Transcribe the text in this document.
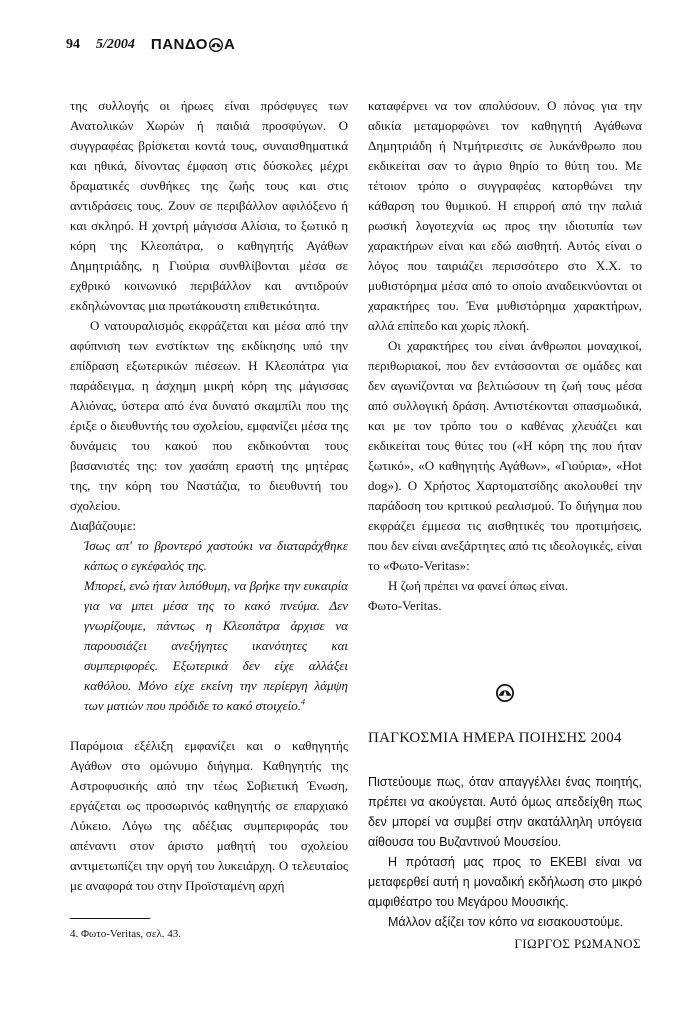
94 5/2004 ΠΑΝΔΟ Α

της συλλογής οι ήρωες είναι πρόσφυγες των Ανατολικών Χωρών ή παιδιά προσφύγων. Ο συγγραφέας βρίσκεται κοντά τους, συναισθηματικά και ηθικά, δίνοντας έμφαση στις δύσκολες μέχρι δραματικές συνθήκες της ζωής τους και στις αντιδράσεις τους. Ζουν σε περιβάλλον αφιλόξενο ή και σκληρό. Η χοντρή μάγισσα Αλίσια, το ξωτικό η κόρη της Κλεοπάτρα, ο καθηγητής Αγάθων Δημητριάδης, η Γιούρια συνθλίβονται μέσα σε εχθρικό κοινωνικό περιβάλλον και αντιδρούν εκδηλώνοντας μια πρωτάκουστη επιθετικότητα.

Ο νατουραλισμός εκφράζεται και μέσα από την αφύπνιση των ενστίκτων της εκδίκησης υπό την επίδραση εξωτερικών πιέσεων. Η Κλεοπάτρα για παράδειγμα, η άσχημη μικρή κόρη της μάγισσας Αλιόνας, ύστερα από ένα δυνατό σκαμπίλι που της έριξε ο διευθυντής του σχολείου, εμφανίζει μέσα της δυνάμεις του κακού που εκδικούνται τους βασανιστές της: τον χασάπη εραστή της μητέρας της, την κόρη του Ναστάζια, το διευθυντή του σχολείου.

Διαβάζουμε:

Ίσως απ' το βροντερό χαστούκι να διαταράχθηκε κάπως ο εγκέφαλός της.
Μπορεί, ενώ ήταν λιπόθυμη, να βρήκε την ευκαιρία για να μπει μέσα της το κακό πνεύμα. Δεν γνωρίζουμε, πάντως η Κλεοπάτρα άρχισε να παρουσιάζει ανεξήγητες ικανότητες και συμπεριφορές. Εξωτερικά δεν είχε αλλάξει καθόλου. Μόνο είχε εκείνη την περίεργη λάμψη των ματιών που πρόδιδε το κακό στοιχείο.$^4$

Παρόμοια εξέλιξη εμφανίζει και ο καθηγητής Αγάθων στο ομώνυμο διήγημα. Καθηγητής της Αστροφυσικής από την τέως Σοβιετική Ένωση, εργάζεται ως προσωρινός καθηγητής σε επαρχιακό Λύκειο. Λόγω της αδέξιας συμπεριφοράς του απέναντι στον άριστο μαθητή του σχολείου αντιμετωπίζει την οργή του λυκειάρχη. Ο τελευταίος με αναφορά του στην Προϊσταμένη αρχή

καταφέρνει να τον απολύσουν. Ο πόνος για την αδικία μεταμορφώνει τον καθηγητή Αγάθωνα Δημητριάδη ή Ντμήτριεσιτς σε λυκάνθρωπο που εκδικείται σαν το άγριο θηρίο το θύτη του. Με τέτοιον τρόπο ο συγγραφέας κατορθώνει την κάθαρση του θυμικού. Η επιρροή από την παλιά ρωσική λογοτεχνία ως προς την ιδιοτυπία των χαρακτήρων είναι και εδώ αισθητή. Αυτός είναι ο λόγος που ταιριάζει περισσότερο στο Χ.Χ. το μυθιστόρημα μέσα από το οποίο αναδεικνύονται οι χαρακτήρες του. Ένα μυθιστόρημα χαρακτήρων, αλλά επίπεδο και χωρίς πλοκή.

Οι χαρακτήρες του είναι άνθρωποι μοναχικοί, περιθωριακοί, που δεν εντάσσονται σε ομάδες και δεν αγωνίζονται να βελτιώσουν τη ζωή τους μέσα από συλλογική δράση. Αντιστέκονται σπασμωδικά, και με τον τρόπο του ο καθένας χλευάζει και εκδικείται τους θύτες του («Η κόρη της που ήταν ξωτικό», «Ο καθηγητής Αγάθων», «Γιούρια», «Hot dog»). Ο Χρήστος Χαρτοματσίδης ακολουθεί την παράδοση του κριτικού ρεαλισμού. Το διήγημα που εκφράζει έμμεσα τις αισθητικές του προτιμήσεις, που δεν είναι ανεξάρτητες από τις ιδεολογικές, είναι το «Φωτο-Veritas»:

Η ζωή πρέπει να φανεί όπως είναι.

Φωτο-Veritas.

ΠΑΓΚΟΣΜΙΑ ΗΜΕΡΑ ΠΟΙΗΣΗΣ 2004

Πιστεύουμε πως, όταν απαγγέλλει ένας ποιητής, πρέπει να ακούγεται. Αυτό όμως απεδείχθη πως δεν μπορεί να συμβεί στην ακατάλληλη υπόγεια αίθουσα του Βυζαντινού Μουσείου.

Η πρότασή μας προς το ΕΚΕΒΙ είναι να μεταφερθεί αυτή η μοναδική εκδήλωση στο μικρό αμφιθέατρο του Μεγάρου Μουσικής.

Μάλλον αξίζει τον κόπο να εισακουστούμε.

ΓΙΩΡΓΟΣ ΡΩΜΑΝΟΣ
4. Φωτο-Veritas, σελ. 43.
